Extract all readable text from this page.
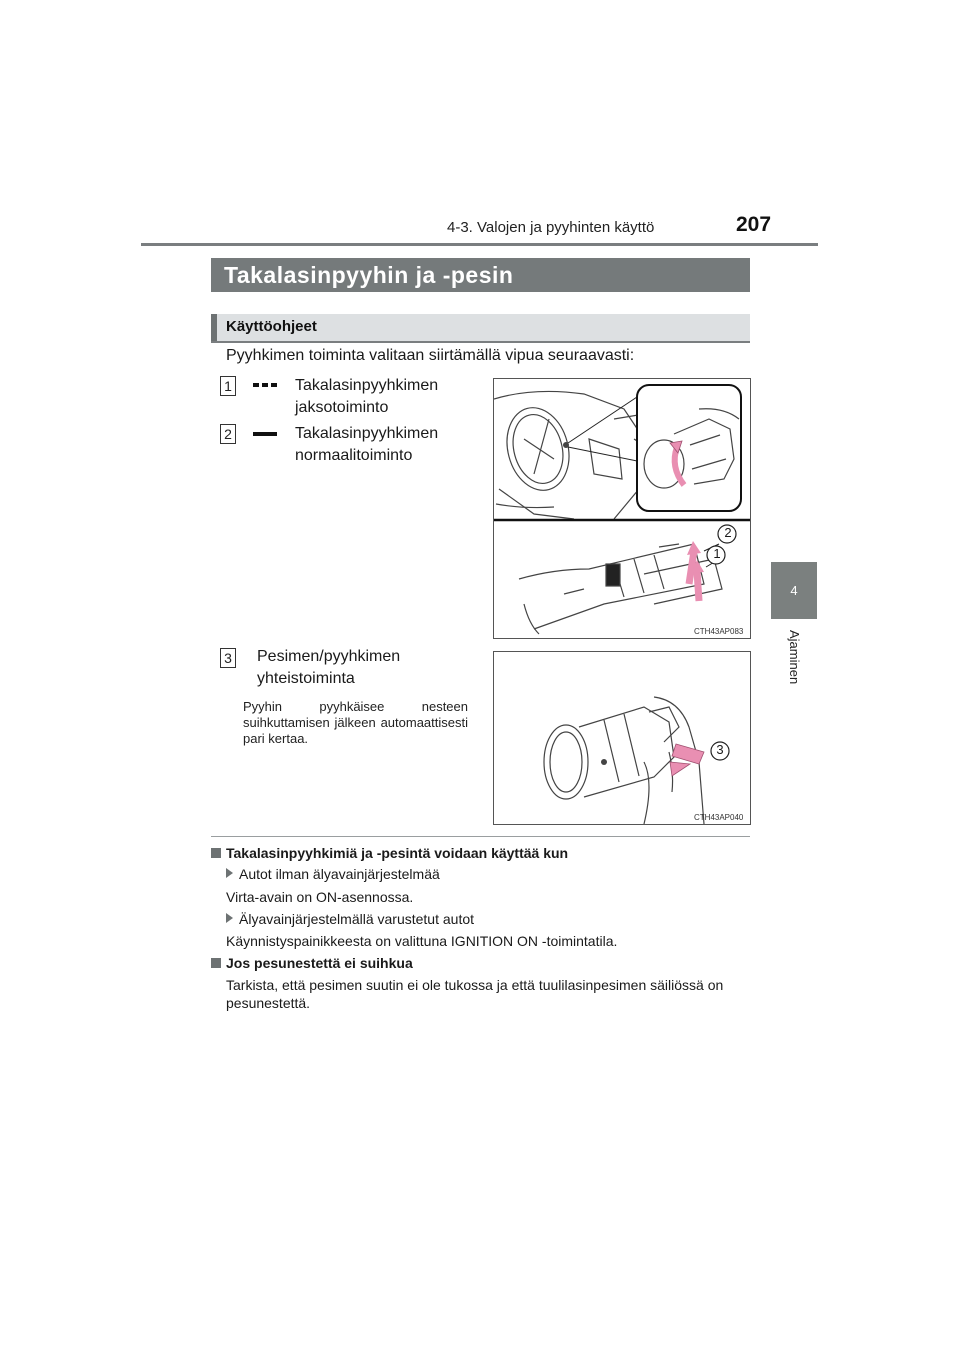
4-3. Valojen ja pyyhinten käyttö	207
4
Ajaminen
Takalasinpyyhin ja -pesin
Käyttöohjeet
Pyyhkimen toiminta valitaan siirtämällä vipua seuraavasti:
1	Takalasinpyyhkimen jaksotoiminto
2	Takalasinpyyhkimen normaalitoiminto
2
1
CTH43AP083
3 Pesimen/pyyhkimen yhteistoiminta
Pyyhin pyyhkäisee nesteen suihkuttamisen jälkeen automaattisesti pari kertaa.
3
CTH43AP040
Takalasinpyyhkimiä ja -pesintä voidaan käyttää kun
Autot ilman älyavainjärjestelmää
Virta-avain on ON-asennossa.
Älyavainjärjestelmällä varustetut autot
Käynnistyspainikkeesta on valittuna IGNITION ON -toimintatila.
Jos pesunestettä ei suihkua
Tarkista, että pesimen suutin ei ole tukossa ja että tuulilasinpesimen säiliössä on pesunestettä.
